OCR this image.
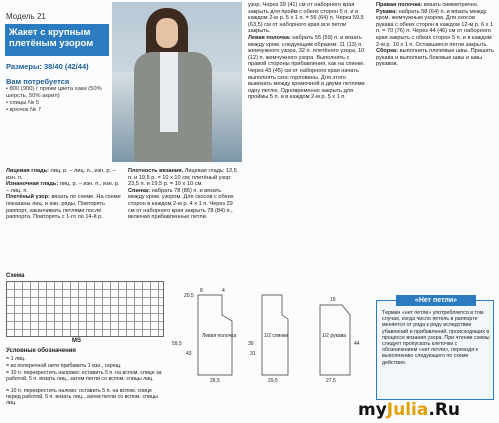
Модель 21
Жакет с крупным плетёным узором
Размеры: 38/40 (42/44)
Вам потребуется
• 800 (900) г пряжи цвета хаки (50% шерсть, 50% акрил)
• спицы № 5
• крючок № 7

Лицевая гладь: лиц. р. – лиц. п., изн. р. – изн. п.

Изнаночная гладь: лиц. р. – изн. п., изн. р. – лиц. п.

Плетёный узор: вязать по схеме. На схеме показаны лиц. и изн. ряды. Повторять раппорт, заканчивать петлями после раппорта. Повторять с 1-го по 14-й р.

Плотность вязания. Лицевая гладь: 12,5 п. и 19,5 р. = 10 х 10 см; плетёный узор: 23,5 п. и 19,5 р. = 10 х 10 см.

Спинка: набрать 78 (86) п. и вязать между кром. узором. Для скосов с обеих сторон в каждом 2-м р. 4 х 1 п. Через 29 см от наборного края закрыть 78 (84) п., включая прибавленные петли.

узор. Через 39 (41) см от наборного края закрыть для пройм с обеих сторон 5 п. и в каждом 2-м р. 5 х 1 п. = 56 (64) п. Через 59,5 (63,5) см от наборного края все петли закрыть.

Левая полочка: набрать 55 (59) п. и вязать между кром. следующим образом: 11 (13) п. жемчужного узора, 32 п. плетёного узора, 10 (12) п. жемчужного узора. Выполнить с правой стороны прибавления, как на спинке. Через 43 (45) см от наборного края начать выполнять скос горловины. Для этого вывязать между кромочной и двумя петлями одну петлю. Одновременно закрыть для проймы 5 п. и в каждом 2-м р. 5 х 1 п.

Правая полочка: вязать симметрично.

Рукава: набрать 58 (64) п. и вязать между кром. жемчужным узором. Для скосов рукава с обеих сторон в каждом 12-м р. 6 х 1 п. = 70 (76) п. Через 44 (46) см от наборного края закрыть с обеих сторон 5 п. и в каждом 2-м р. 10 х 1 п. Оставшиеся петли закрыть.

Сборка: выполнить плечевые швы. Пришить рукава и выполнить боковые швы и швы рукавов.

Схема
MS
Условные обозначения
= 1 лиц.
= из поперечной нити прибавить 1 изн., скрещ.
= 10 п. перекрестить направо: оставить 5 п. на вспом. спице за работой, 5 п. вязать лиц., затем петли со вспом. спицы лиц.
= 10 п. перекрестить налево: оставить 5 п. на вспом. спице перед работой, 5 п. вязать лиц., затем петли со вспом. спицы лиц.
Левая полочка	1/2 спинки	1/2 рукава
20,5
8	4
59,5
43
26,5
39
31
29,5
15
44
27,5
«Нет петли»
Термин «нет петли» употребляется в том случае, когда число петель в раппорте меняется от ряда к ряду вследствие убавлений и прибавлений, происходящих в процессе вязания узора. При чтении схемы следует пропускать клеточки с обозначением «нет петли», переходя к выполнению следующего по схеме действия.
myJulia.Ru
